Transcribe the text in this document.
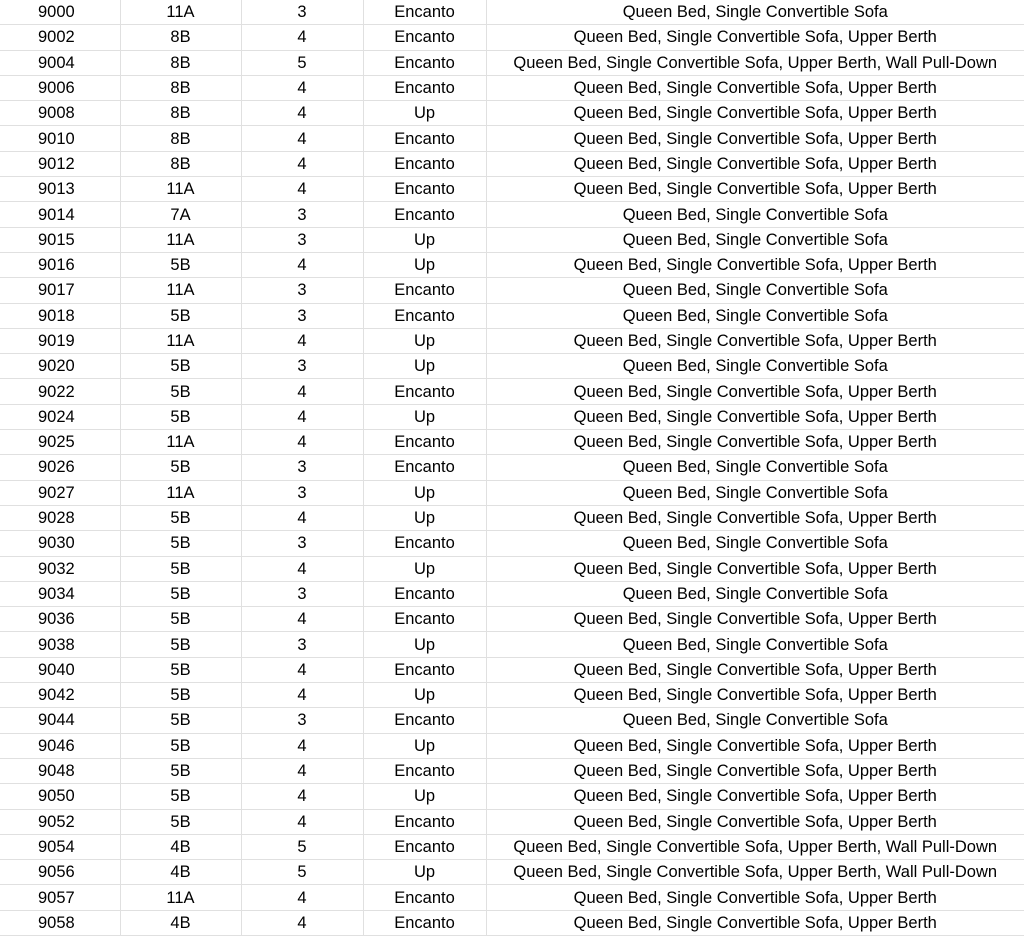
9000	11A	3	Encanto	Queen Bed, Single Convertible Sofa
9002	8B	4	Encanto	Queen Bed, Single Convertible Sofa, Upper Berth
9004	8B	5	Encanto	Queen Bed, Single Convertible Sofa, Upper Berth, Wall Pull-Down
9006	8B	4	Encanto	Queen Bed, Single Convertible Sofa, Upper Berth
9008	8B	4	Up	Queen Bed, Single Convertible Sofa, Upper Berth
9010	8B	4	Encanto	Queen Bed, Single Convertible Sofa, Upper Berth
9012	8B	4	Encanto	Queen Bed, Single Convertible Sofa, Upper Berth
9013	11A	4	Encanto	Queen Bed, Single Convertible Sofa, Upper Berth
9014	7A	3	Encanto	Queen Bed, Single Convertible Sofa
9015	11A	3	Up	Queen Bed, Single Convertible Sofa
9016	5B	4	Up	Queen Bed, Single Convertible Sofa, Upper Berth
9017	11A	3	Encanto	Queen Bed, Single Convertible Sofa
9018	5B	3	Encanto	Queen Bed, Single Convertible Sofa
9019	11A	4	Up	Queen Bed, Single Convertible Sofa, Upper Berth
9020	5B	3	Up	Queen Bed, Single Convertible Sofa
9022	5B	4	Encanto	Queen Bed, Single Convertible Sofa, Upper Berth
9024	5B	4	Up	Queen Bed, Single Convertible Sofa, Upper Berth
9025	11A	4	Encanto	Queen Bed, Single Convertible Sofa, Upper Berth
9026	5B	3	Encanto	Queen Bed, Single Convertible Sofa
9027	11A	3	Up	Queen Bed, Single Convertible Sofa
9028	5B	4	Up	Queen Bed, Single Convertible Sofa, Upper Berth
9030	5B	3	Encanto	Queen Bed, Single Convertible Sofa
9032	5B	4	Up	Queen Bed, Single Convertible Sofa, Upper Berth
9034	5B	3	Encanto	Queen Bed, Single Convertible Sofa
9036	5B	4	Encanto	Queen Bed, Single Convertible Sofa, Upper Berth
9038	5B	3	Up	Queen Bed, Single Convertible Sofa
9040	5B	4	Encanto	Queen Bed, Single Convertible Sofa, Upper Berth
9042	5B	4	Up	Queen Bed, Single Convertible Sofa, Upper Berth
9044	5B	3	Encanto	Queen Bed, Single Convertible Sofa
9046	5B	4	Up	Queen Bed, Single Convertible Sofa, Upper Berth
9048	5B	4	Encanto	Queen Bed, Single Convertible Sofa, Upper Berth
9050	5B	4	Up	Queen Bed, Single Convertible Sofa, Upper Berth
9052	5B	4	Encanto	Queen Bed, Single Convertible Sofa, Upper Berth
9054	4B	5	Encanto	Queen Bed, Single Convertible Sofa, Upper Berth, Wall Pull-Down
9056	4B	5	Up	Queen Bed, Single Convertible Sofa, Upper Berth, Wall Pull-Down
9057	11A	4	Encanto	Queen Bed, Single Convertible Sofa, Upper Berth
9058	4B	4	Encanto	Queen Bed, Single Convertible Sofa, Upper Berth
